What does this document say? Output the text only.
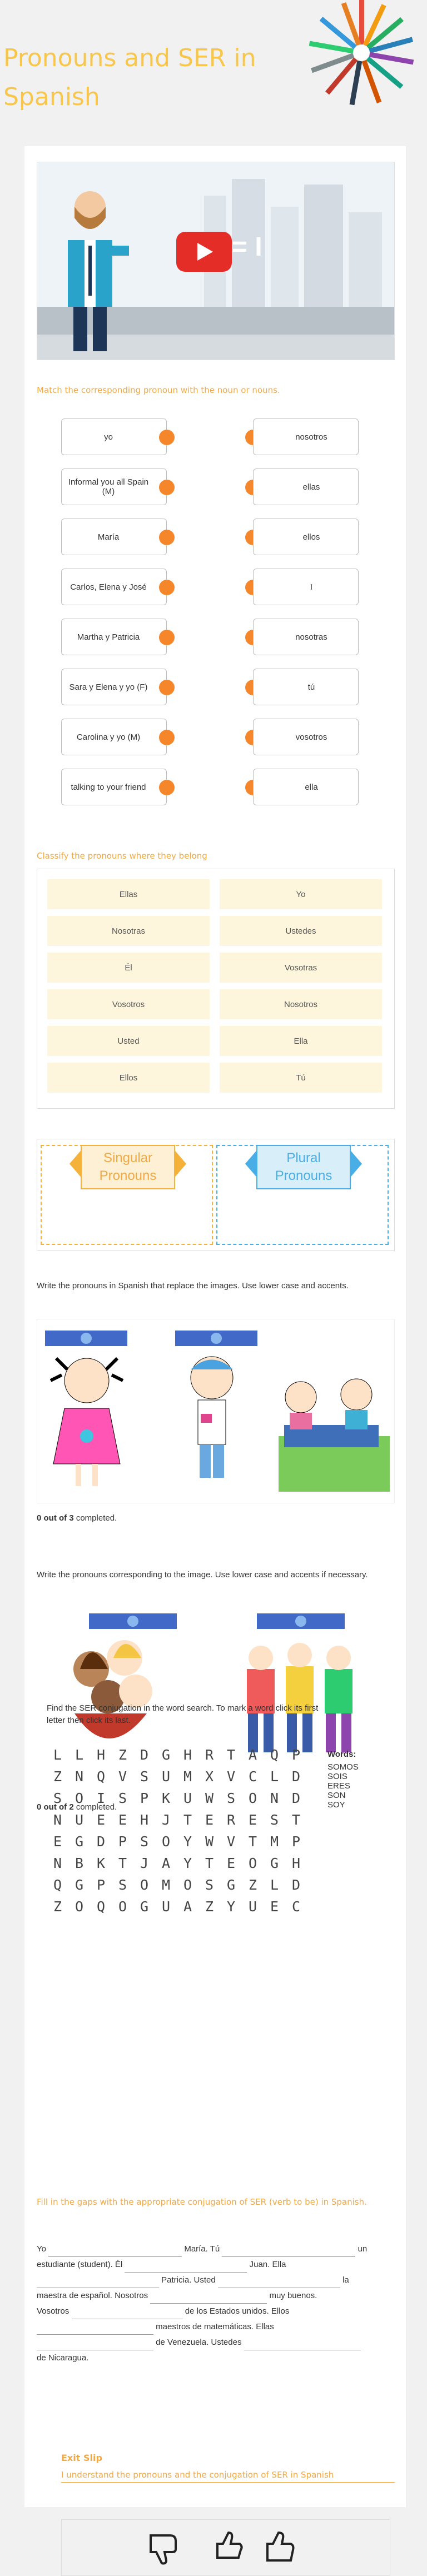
Pronouns and SER in Spanish
= I

Match the corresponding pronoun with the noun or nouns.

yo	nosotros
Informal you all Spain (M)	ellas
María	ellos
Carlos, Elena y José	I
Martha y Patricia	nosotras
Sara y Elena y yo (F)	tú
Carolina y yo (M)	vosotros
talking to your friend	ella

Classify the pronouns where they belong

Ellas	Yo
Nosotras	Ustedes
Él	Vosotras
Vosotros	Nosotros
Usted	Ella
Ellos	Tú
Singular Pronouns
Plural Pronouns

Write the pronouns in Spanish that replace the images. Use lower case and accents.

0 out of 3 completed.

Write the pronouns corresponding to the image. Use lower case and accents if necessary.

0 out of 2 completed.

Find the SER conjugation in the word search. To mark a word click its first letter then click its last.

L L H Z D G H R T A Q P
Z N Q V S U M X V C L D
S O I S P K U W S O N D
N U E E H J T E R E S T
E G D P S O Y W V T M P
N B K T J A Y T E O G H
Q G P S O M O S G Z L D
Z O Q O G U A Z Y U E C
Words:
SOMOS
SOIS
ERES
SON
SOY

Fill in the gaps with the appropriate conjugation of SER (verb to be) in Spanish.

Yo	María. Tú	un
estudiante (student). Él	Juan. Ella
Patricia. Usted	la
maestra de español. Nosotros	muy buenos.
Vosotros	de los Estados unidos. Ellos
maestros de matemáticas. Ellas
de Venezuela. Ustedes
de Nicaragua.
Exit Slip
I understand the pronouns and the conjugation of SER in Spanish
